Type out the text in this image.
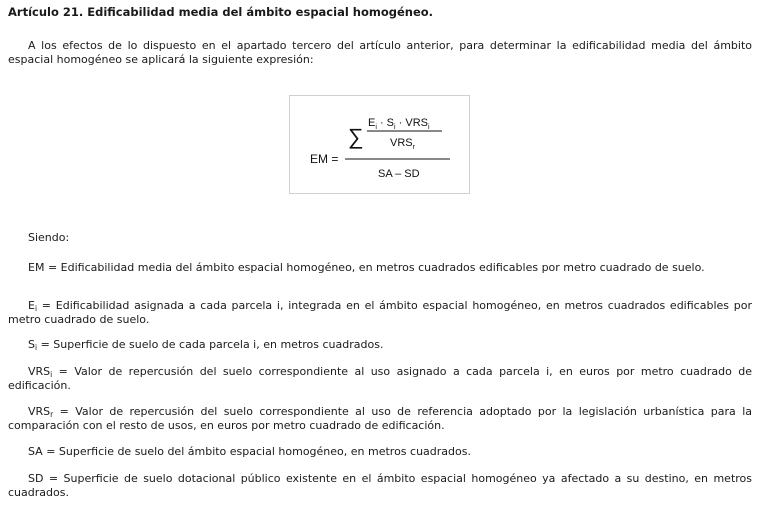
Artículo 21. Edificabilidad media del ámbito espacial homogéneo.

A los efectos de lo dispuesto en el apartado tercero del artículo anterior, para determinar la edificabilidad media del ámbito espacial homogéneo se aplicará la siguiente expresión:

EM =
∑
$E_i \cdot S_i \cdot VRS_i$
$VRS_r$
SA – SD

Siendo:

EM = Edificabilidad media del ámbito espacial homogéneo, en metros cuadrados edificables por metro cuadrado de suelo.

$E_i$ = Edificabilidad asignada a cada parcela i, integrada en el ámbito espacial homogéneo, en metros cuadrados edificables por metro cuadrado de suelo.

$S_i$ = Superficie de suelo de cada parcela i, en metros cuadrados.

$VRS_i$ = Valor de repercusión del suelo correspondiente al uso asignado a cada parcela i, en euros por metro cuadrado de edificación.

$VRS_r$ = Valor de repercusión del suelo correspondiente al uso de referencia adoptado por la legislación urbanística para la comparación con el resto de usos, en euros por metro cuadrado de edificación.

SA = Superficie de suelo del ámbito espacial homogéneo, en metros cuadrados.

SD = Superficie de suelo dotacional público existente en el ámbito espacial homogéneo ya afectado a su destino, en metros cuadrados.
